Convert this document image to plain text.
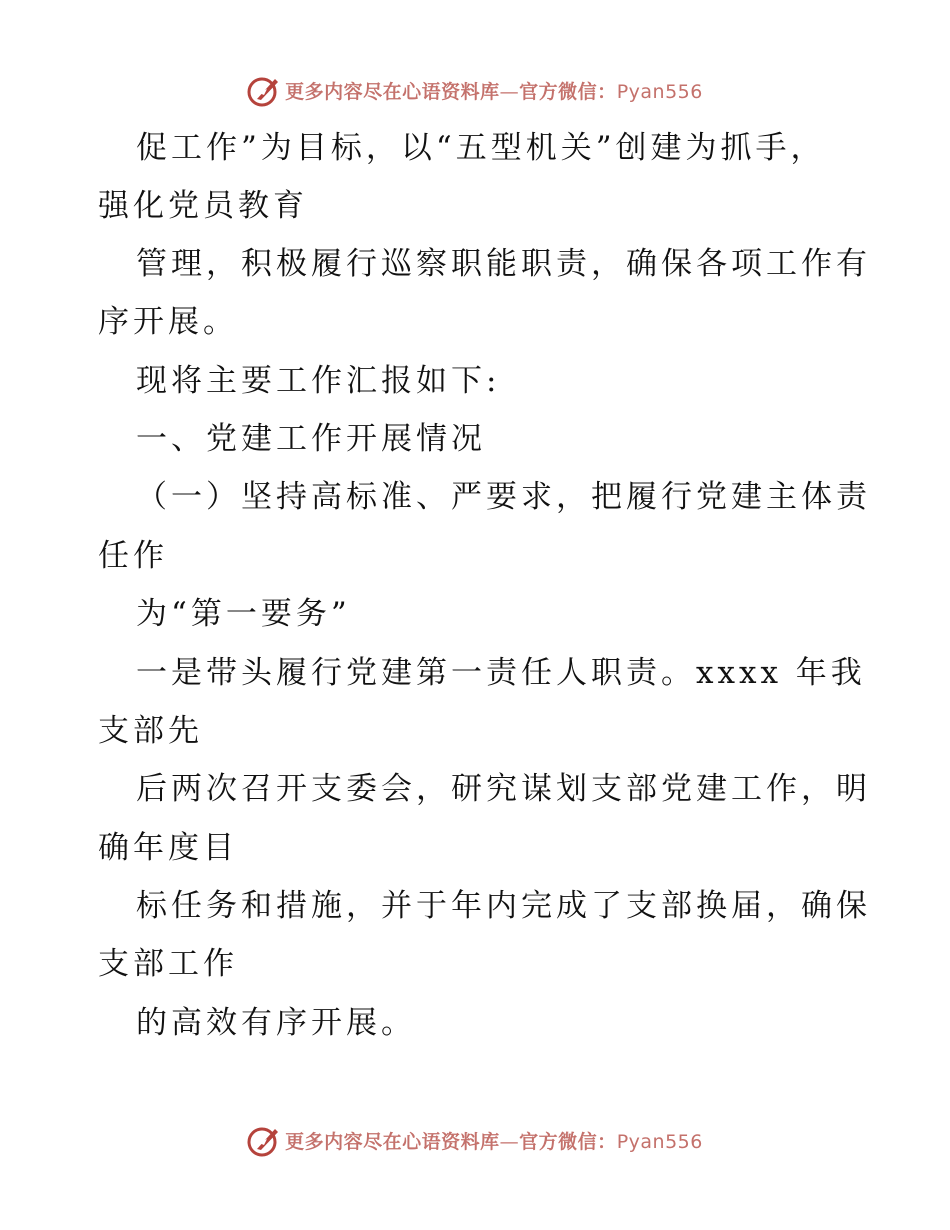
更多内容尽在心语资料库—官方微信：Pyan556
促工作”为目标，以“五型机关”创建为抓手，
强化党员教育
管理，积极履行巡察职能职责，确保各项工作有
序开展。
现将主要工作汇报如下:
一、党建工作开展情况
（一）坚持高标准、严要求，把履行党建主体责
任作
为“第一要务”
一是带头履行党建第一责任人职责。xxxx 年我
支部先
后两次召开支委会，研究谋划支部党建工作，明
确年度目
标任务和措施，并于年内完成了支部换届，确保
支部工作
的高效有序开展。
更多内容尽在心语资料库—官方微信：Pyan556
